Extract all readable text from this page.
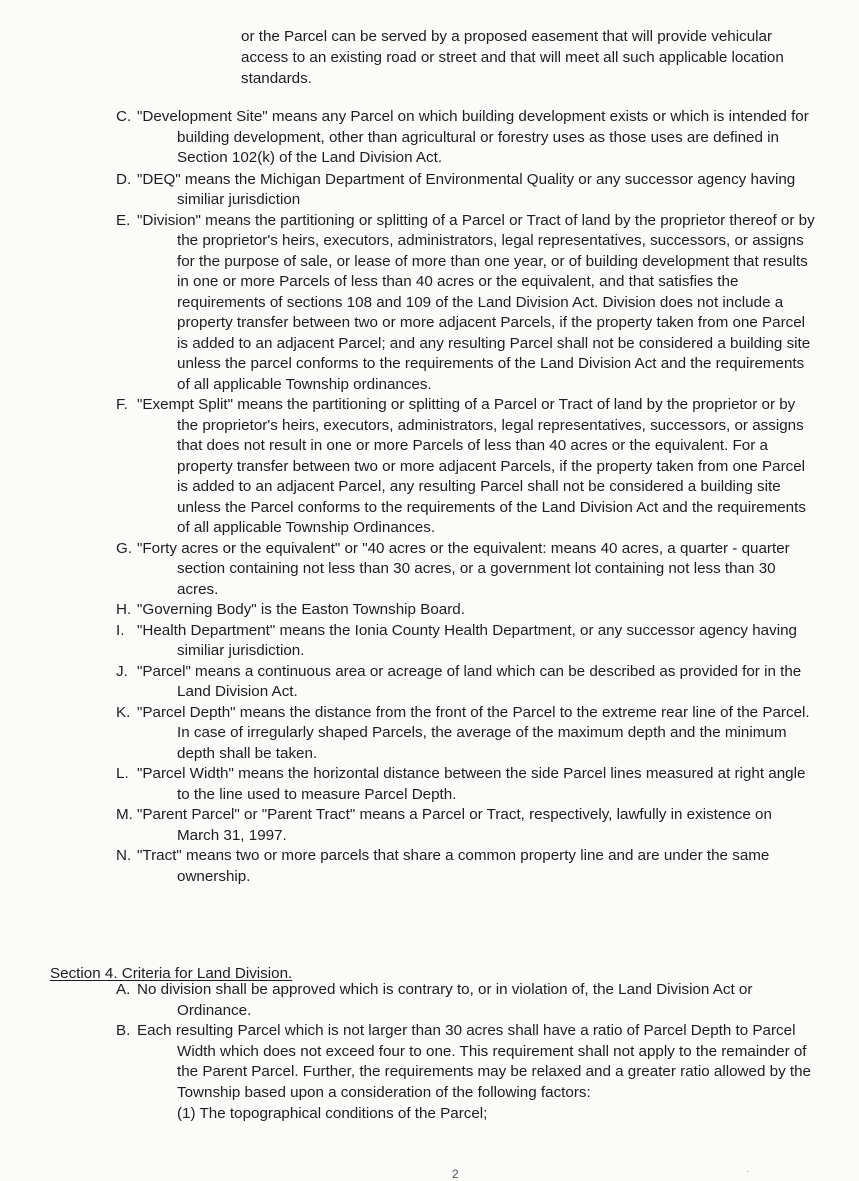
or the Parcel can be served by a proposed easement that will provide vehicular access to an existing road or street and that will meet all such applicable location standards.

C. "Development Site" means any Parcel on which building development exists or which is intended for building development, other than agricultural or forestry uses as those uses are defined in Section 102(k) of the Land Division Act.
D. "DEQ" means the Michigan Department of Environmental Quality or any successor agency having similiar jurisdiction
E. "Division" means the partitioning or splitting of a Parcel or Tract of land by the proprietor thereof or by the proprietor's heirs, executors, administrators, legal representatives, successors, or assigns for the purpose of sale, or lease of more than one year, or of building development that results in one or more Parcels of less than 40 acres or the equivalent, and that satisfies the requirements of sections 108 and 109 of the Land Division Act. Division does not include a property transfer between two or more adjacent Parcels, if the property taken from one Parcel is added to an adjacent Parcel; and any resulting Parcel shall not be considered a building site unless the parcel conforms to the requirements of the Land Division Act and the requirements of all applicable Township ordinances.
F. "Exempt Split" means the partitioning or splitting of a Parcel or Tract of land by the proprietor or by the proprietor's heirs, executors, administrators, legal representatives, successors, or assigns that does not result in one or more Parcels of less than 40 acres or the equivalent. For a property transfer between two or more adjacent Parcels, if the property taken from one Parcel is added to an adjacent Parcel, any resulting Parcel shall not be considered a building site unless the Parcel conforms to the requirements of the Land Division Act and the requirements of all applicable Township Ordinances.
G. "Forty acres or the equivalent" or "40 acres or the equivalent: means 40 acres, a quarter - quarter section containing not less than 30 acres, or a government lot containing not less than 30 acres.
H. "Governing Body" is the Easton Township Board.
I. "Health Department" means the Ionia County Health Department, or any successor agency having similiar jurisdiction.
J. "Parcel" means a continuous area or acreage of land which can be described as provided for in the Land Division Act.
K. "Parcel Depth" means the distance from the front of the Parcel to the extreme rear line of the Parcel. In case of irregularly shaped Parcels, the average of the maximum depth and the minimum depth shall be taken.
L. "Parcel Width" means the horizontal distance between the side Parcel lines measured at right angle to the line used to measure Parcel Depth.
M. "Parent Parcel" or "Parent Tract" means a Parcel or Tract, respectively, lawfully in existence on March 31, 1997.
N. "Tract" means two or more parcels that share a common property line and are under the same ownership.

Section 4. Criteria for Land Division.

A. No division shall be approved which is contrary to, or in violation of, the Land Division Act or Ordinance.
B. Each resulting Parcel which is not larger than 30 acres shall have a ratio of Parcel Depth to Parcel Width which does not exceed four to one. This requirement shall not apply to the remainder of the Parent Parcel. Further, the requirements may be relaxed and a greater ratio allowed by the Township based upon a consideration of the following factors:
(1) The topographical conditions of the Parcel;
2	·
